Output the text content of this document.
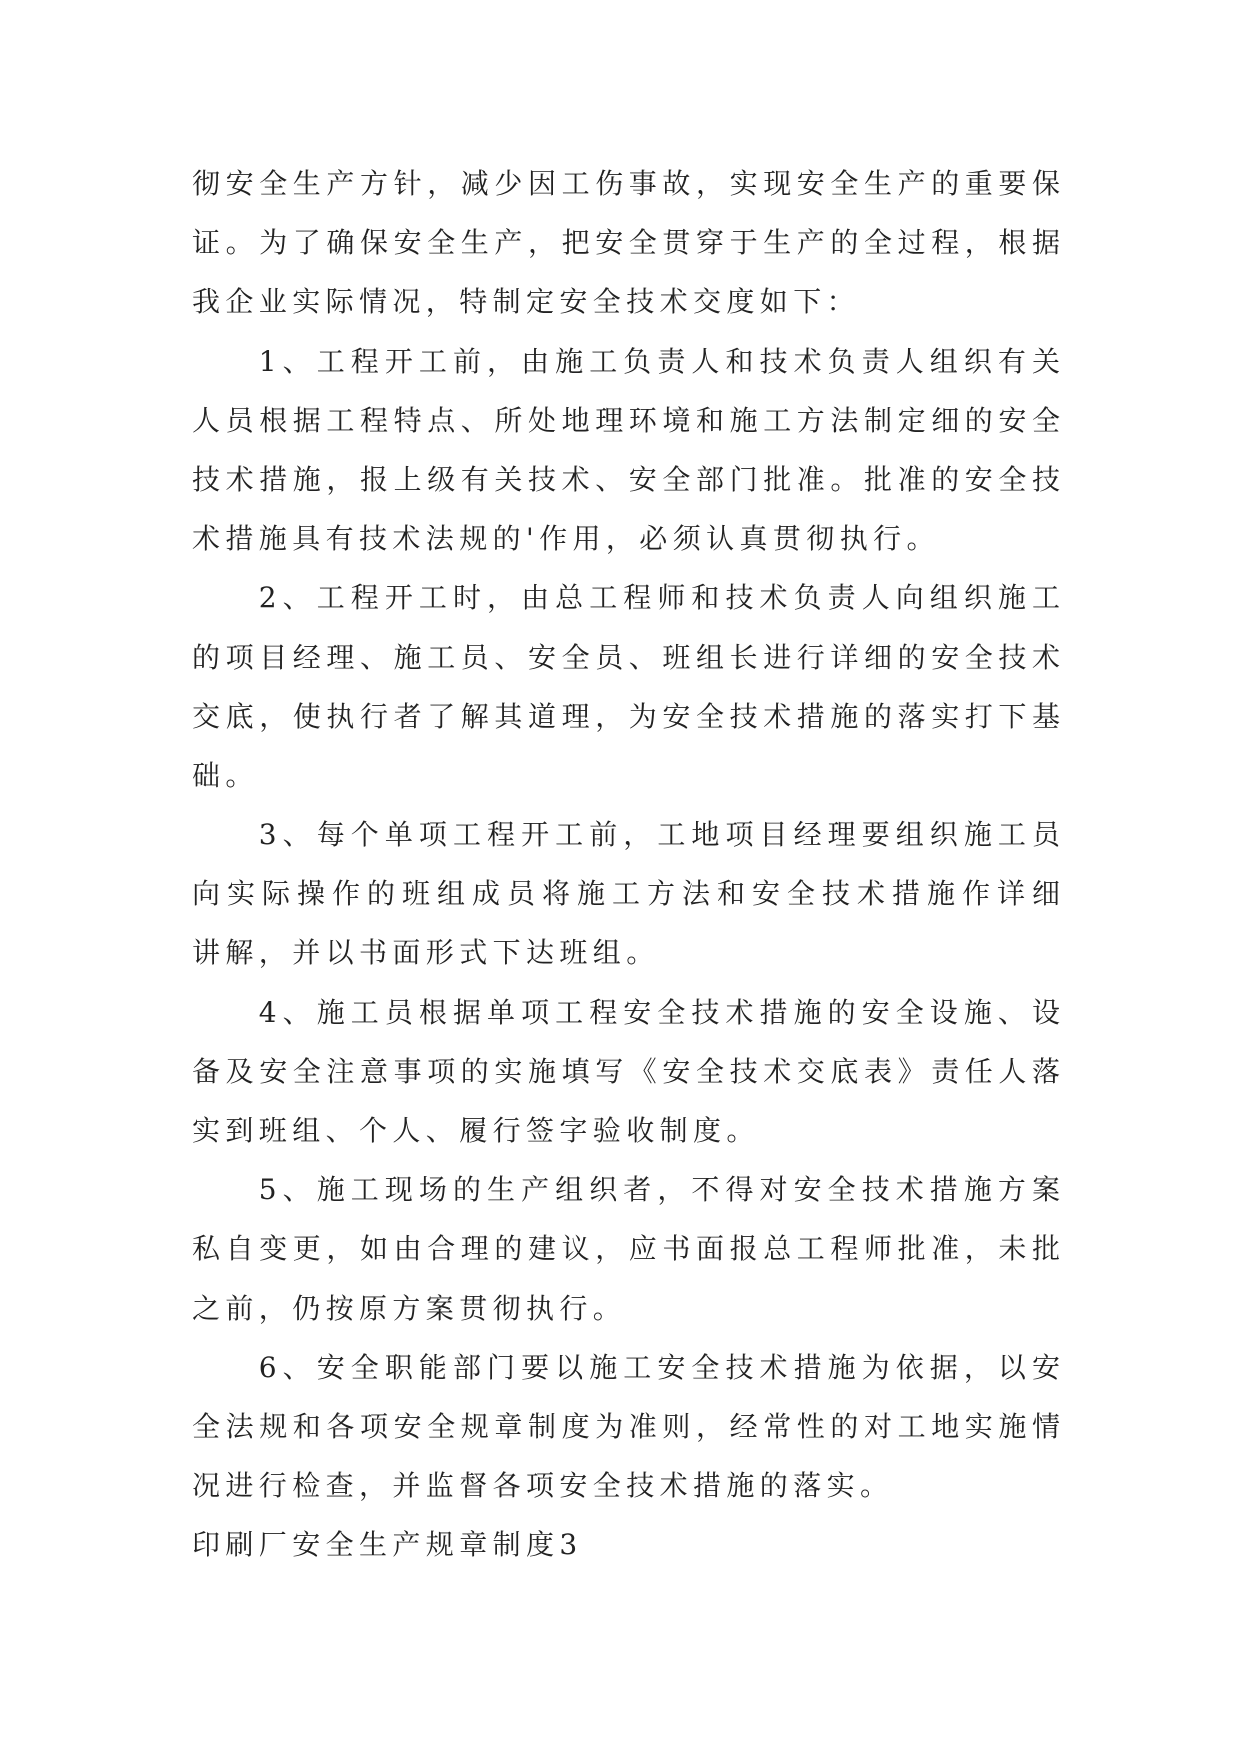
彻安全生产方针，减少因工伤事故，实现安全生产的重要保
证。为了确保安全生产，把安全贯穿于生产的全过程，根据
我企业实际情况，特制定安全技术交度如下：
1、工程开工前，由施工负责人和技术负责人组织有关
人员根据工程特点、所处地理环境和施工方法制定细的安全
技术措施，报上级有关技术、安全部门批准。批准的安全技
术措施具有技术法规的'作用，必须认真贯彻执行。
2、工程开工时，由总工程师和技术负责人向组织施工
的项目经理、施工员、安全员、班组长进行详细的安全技术
交底，使执行者了解其道理，为安全技术措施的落实打下基
础。
3、每个单项工程开工前，工地项目经理要组织施工员
向实际操作的班组成员将施工方法和安全技术措施作详细
讲解，并以书面形式下达班组。
4、施工员根据单项工程安全技术措施的安全设施、设
备及安全注意事项的实施填写《安全技术交底表》责任人落
实到班组、个人、履行签字验收制度。
5、施工现场的生产组织者，不得对安全技术措施方案
私自变更，如由合理的建议，应书面报总工程师批准，未批
之前，仍按原方案贯彻执行。
6、安全职能部门要以施工安全技术措施为依据，以安
全法规和各项安全规章制度为准则，经常性的对工地实施情
况进行检查，并监督各项安全技术措施的落实。
印刷厂安全生产规章制度3
